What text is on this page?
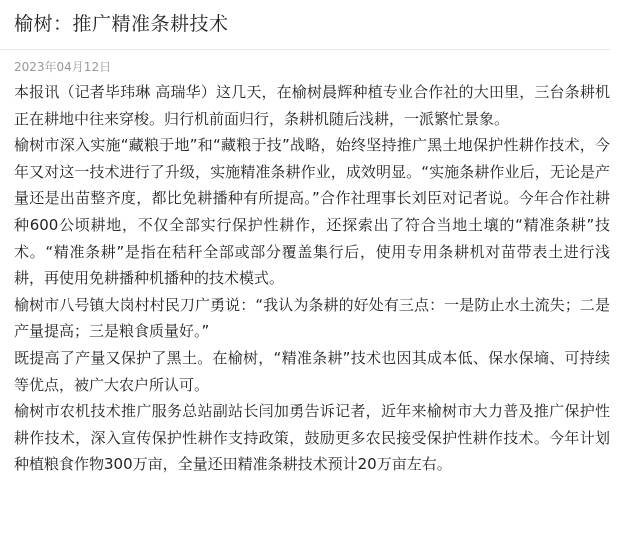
榆树：推广精准条耕技术
2023年04月12日

本报讯（记者毕玮琳 高瑞华）这几天，在榆树晨辉种植专业合作社的大田里，三台条耕机正在耕地中往来穿梭。归行机前面归行，条耕机随后浅耕，一派繁忙景象。

榆树市深入实施“藏粮于地”和“藏粮于技”战略，始终坚持推广黑土地保护性耕作技术，今年又对这一技术进行了升级，实施精准条耕作业，成效明显。“实施条耕作业后，无论是产量还是出苗整齐度，都比免耕播种有所提高。”合作社理事长刘臣对记者说。今年合作社耕种600公顷耕地，不仅全部实行保护性耕作，还探索出了符合当地土壤的“精准条耕”技术。“精准条耕”是指在秸秆全部或部分覆盖集行后，使用专用条耕机对苗带表土进行浅耕，再使用免耕播种机播种的技术模式。

榆树市八号镇大岗村村民刀广勇说：“我认为条耕的好处有三点：一是防止水土流失；二是产量提高；三是粮食质量好。”

既提高了产量又保护了黑土。在榆树，“精准条耕”技术也因其成本低、保水保墒、可持续等优点，被广大农户所认可。

榆树市农机技术推广服务总站副站长闫加勇告诉记者，近年来榆树市大力普及推广保护性耕作技术，深入宣传保护性耕作支持政策，鼓励更多农民接受保护性耕作技术。今年计划种植粮食作物300万亩，全量还田精准条耕技术预计20万亩左右。
